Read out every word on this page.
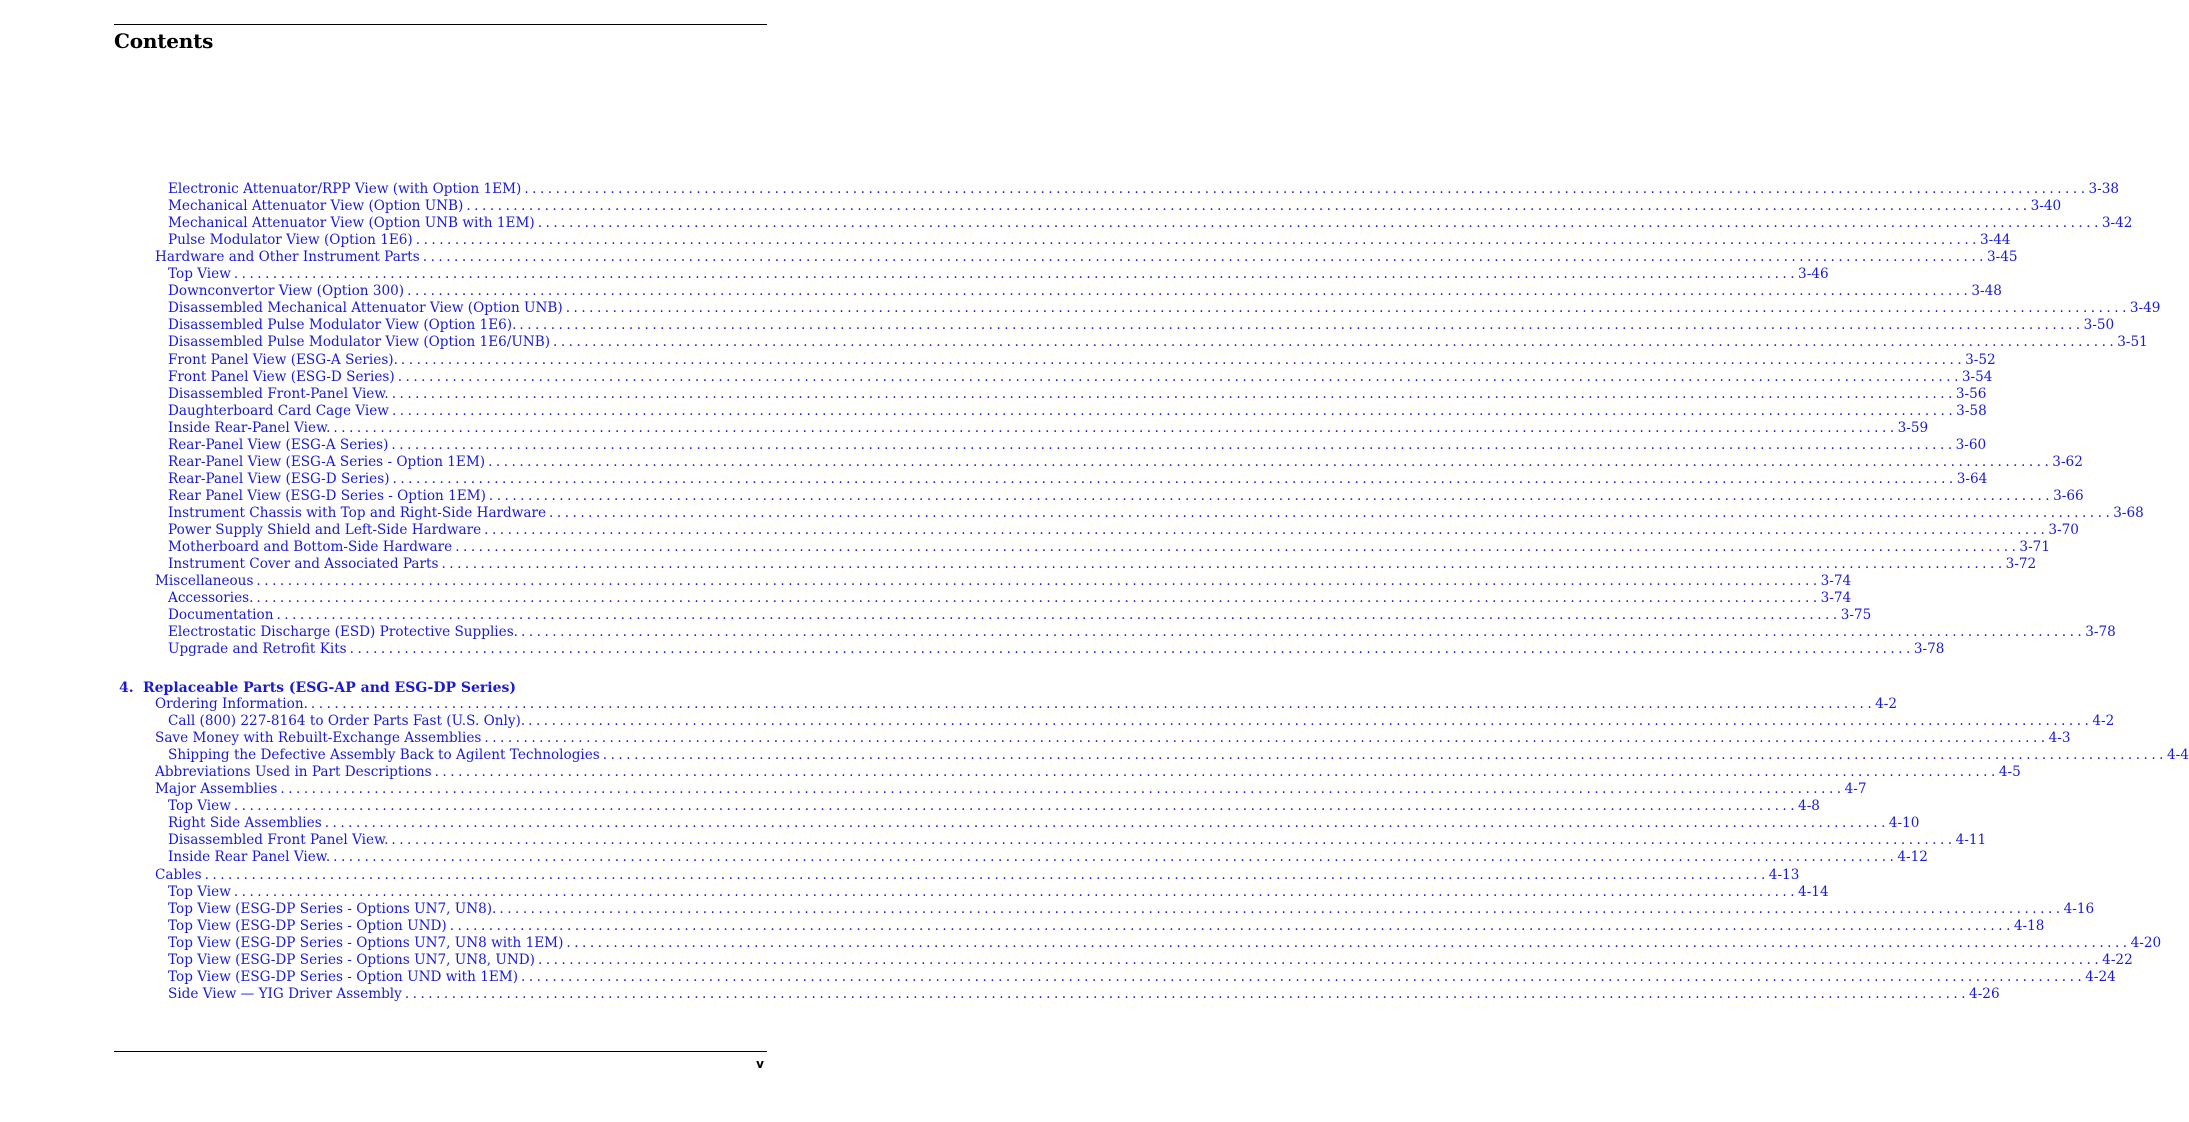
Contents
Electronic Attenuator/RPP View (with Option 1EM) ........................................................................................................................................................................................................ 3-38
Mechanical Attenuator View (Option UNB) ........................................................................................................................................................................................................ 3-40
Mechanical Attenuator View (Option UNB with 1EM) ........................................................................................................................................................................................................ 3-42
Pulse Modulator View (Option 1E6) ........................................................................................................................................................................................................ 3-44
Hardware and Other Instrument Parts ........................................................................................................................................................................................................ 3-45
Top View ........................................................................................................................................................................................................ 3-46
Downconvertor View (Option 300) ........................................................................................................................................................................................................ 3-48
Disassembled Mechanical Attenuator View (Option UNB) ........................................................................................................................................................................................................ 3-49
Disassembled Pulse Modulator View (Option 1E6). ........................................................................................................................................................................................................ 3-50
Disassembled Pulse Modulator View (Option 1E6/UNB) ........................................................................................................................................................................................................ 3-51
Front Panel View (ESG-A Series). ........................................................................................................................................................................................................ 3-52
Front Panel View (ESG-D Series) ........................................................................................................................................................................................................ 3-54
Disassembled Front-Panel View. ........................................................................................................................................................................................................ 3-56
Daughterboard Card Cage View ........................................................................................................................................................................................................ 3-58
Inside Rear-Panel View. ........................................................................................................................................................................................................ 3-59
Rear-Panel View (ESG-A Series) ........................................................................................................................................................................................................ 3-60
Rear-Panel View (ESG-A Series - Option 1EM) ........................................................................................................................................................................................................ 3-62
Rear-Panel View (ESG-D Series) ........................................................................................................................................................................................................ 3-64
Rear Panel View (ESG-D Series - Option 1EM) ........................................................................................................................................................................................................ 3-66
Instrument Chassis with Top and Right-Side Hardware ........................................................................................................................................................................................................ 3-68
Power Supply Shield and Left-Side Hardware ........................................................................................................................................................................................................ 3-70
Motherboard and Bottom-Side Hardware ........................................................................................................................................................................................................ 3-71
Instrument Cover and Associated Parts ........................................................................................................................................................................................................ 3-72
Miscellaneous ........................................................................................................................................................................................................ 3-74
Accessories. ........................................................................................................................................................................................................ 3-74
Documentation ........................................................................................................................................................................................................ 3-75
Electrostatic Discharge (ESD) Protective Supplies. ........................................................................................................................................................................................................ 3-78
Upgrade and Retrofit Kits ........................................................................................................................................................................................................ 3-78
Ordering Information. ........................................................................................................................................................................................................ 4-2
Call (800) 227-8164 to Order Parts Fast (U.S. Only). ........................................................................................................................................................................................................ 4-2
Save Money with Rebuilt-Exchange Assemblies ........................................................................................................................................................................................................ 4-3
Shipping the Defective Assembly Back to Agilent Technologies ........................................................................................................................................................................................................ 4-4
Abbreviations Used in Part Descriptions ........................................................................................................................................................................................................ 4-5
Major Assemblies ........................................................................................................................................................................................................ 4-7
Top View ........................................................................................................................................................................................................ 4-8
Right Side Assemblies ........................................................................................................................................................................................................ 4-10
Disassembled Front Panel View. ........................................................................................................................................................................................................ 4-11
Inside Rear Panel View. ........................................................................................................................................................................................................ 4-12
Cables ........................................................................................................................................................................................................ 4-13
Top View ........................................................................................................................................................................................................ 4-14
Top View (ESG-DP Series - Options UN7, UN8). ........................................................................................................................................................................................................ 4-16
Top View (ESG-DP Series - Option UND) ........................................................................................................................................................................................................ 4-18
Top View (ESG-DP Series - Options UN7, UN8 with 1EM) ........................................................................................................................................................................................................ 4-20
Top View (ESG-DP Series - Options UN7, UN8, UND) ........................................................................................................................................................................................................ 4-22
Top View (ESG-DP Series - Option UND with 1EM) ........................................................................................................................................................................................................ 4-24
Side View — YIG Driver Assembly ........................................................................................................................................................................................................ 4-26
4. Replaceable Parts (ESG-AP and ESG-DP Series)
v
